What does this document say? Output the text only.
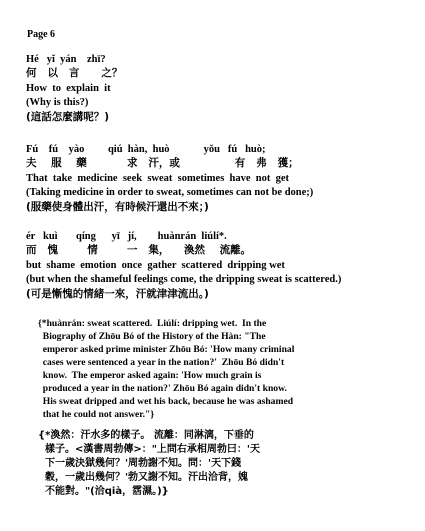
Page 6
Hé   yǐ  yán    zhī?
何   以   言      之？
How  to  explain  it
(Why is this?)
(這話怎麼講呢？)
Fú    fú    yào         qiú  hàn,  huò             yǒu   fú   huò;
夫    服    藥           求   汗，或               有   弗   獲；
That  take  medicine  seek  sweat  sometimes  have  not  get
(Taking medicine in order to sweat, sometimes can not be done;)
(服藥使身體出汗，有時候汗還出不來；)
ér   kuì       qíng      yī   jí,        huànrán  liúlí*.
而   愧        情        一   集，    渙然    流離。
but  shame  emotion  once  gather  scattered  dripping wet
(but when the shameful feelings come, the dripping sweat is scattered.)
(可是慚愧的情緒一來，汗就津津流出。)
{*huànrán: sweat scattered.  Liúlí: dripping wet.  In the
Biography of Zhōu Bó of the History of the Hàn: "The
emperor asked prime minister Zhōu Bó: 'How many criminal
cases were sentenced a year in the nation?'  Zhōu Bó didn't
know.  The emperor asked again: 'How much grain is
produced a year in the nation?' Zhōu Bó again didn't know.
His sweat dripped and wet his back, because he was ashamed
that he could not answer."}
{*渙然：汗水多的樣子。 流離：同淋漓，下垂的
樣子。<漢書周勃傳>："上問右承相周勃曰：'天
下一歲決獄幾何？'周勃謝不知。問：'天下錢
穀，一歲出幾何？'勃又謝不知。汗出洽背，媿
不能對。"(洽qià，霑濕。)}
